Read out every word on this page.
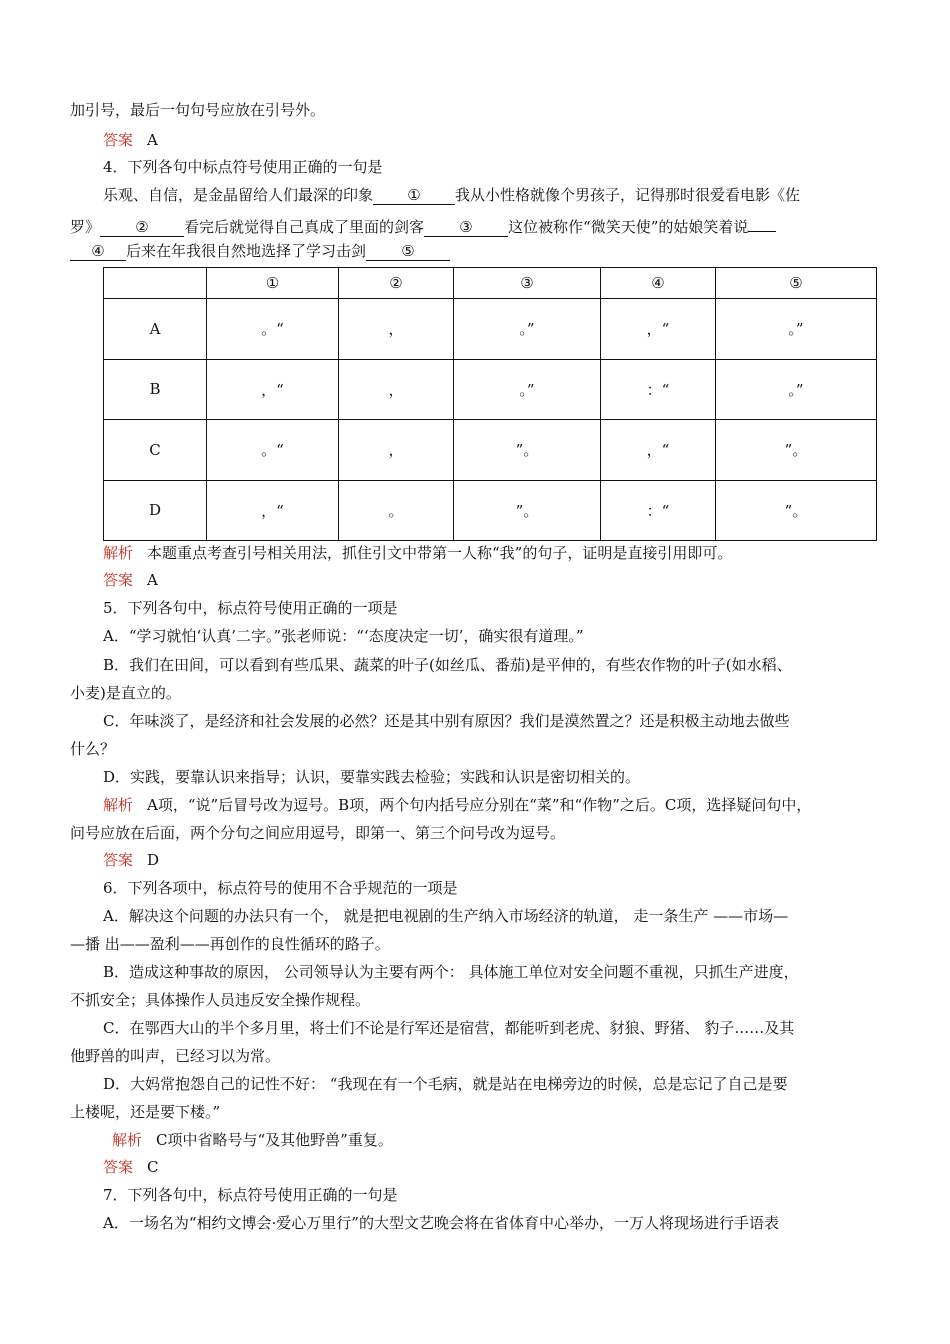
加引号，最后一句句号应放在引号外。
答案 A
4．下列各句中标点符号使用正确的一句是
乐观、自信，是金晶留给人们最深的印象 ① 我从小性格就像个男孩子，记得那时很爱看电影《佐
罗》 ② 看完后就觉得自己真成了里面的剑客 ③ 这位被称作“微笑天使”的姑娘笑着说
④ 后来在年我很自然地选择了学习击剑 ⑤
	①	②	③	④	⑤
A	。“	，	。”	，“	。”
B	，“	，	。”	：“	。”
C	。“	，	”。	，“	”。
D	，“	。	”。	：“	”。
解析 本题重点考查引号相关用法，抓住引文中带第一人称“我”的句子，证明是直接引用即可。
答案 A
5．下列各句中，标点符号使用正确的一项是
A．“学习就怕‘认真’二字。”张老师说：“‘态度决定一切’，确实很有道理。”
B．我们在田间，可以看到有些瓜果、蔬菜的叶子(如丝瓜、番茄)是平伸的，有些农作物的叶子(如水稻、
小麦)是直立的。
C．年味淡了，是经济和社会发展的必然？还是其中别有原因？我们是漠然置之？还是积极主动地去做些
什么？
D．实践，要靠认识来指导；认识，要靠实践去检验；实践和认识是密切相关的。
解析 A项，“说”后冒号改为逗号。B项，两个句内括号应分别在“菜”和“作物”之后。C项，选择疑问句中，
问号应放在后面，两个分句之间应用逗号，即第一、第三个问号改为逗号。
答案 D
6．下列各项中，标点符号的使用不合乎规范的一项是
A．解决这个问题的办法只有一个， 就是把电视剧的生产纳入市场经济的轨道， 走一条生产 ——市场—
—播 出——盈利——再创作的良性循环的路子。
B．造成这种事故的原因， 公司领导认为主要有两个： 具体施工单位对安全问题不重视，只抓生产进度，
不抓安全；具体操作人员违反安全操作规程。
C．在鄂西大山的半个多月里，将士们不论是行军还是宿营，都能听到老虎、豺狼、野猪、 豹子……及其
他野兽的叫声，已经习以为常。
D．大妈常抱怨自己的记性不好： “我现在有一个毛病，就是站在电梯旁边的时候，总是忘记了自己是要
上楼呢，还是要下楼。”
解析 C项中省略号与“及其他野兽”重复。
答案 C
7．下列各句中，标点符号使用正确的一句是
A．一场名为“相约文博会·爱心万里行”的大型文艺晚会将在省体育中心举办，一万人将现场进行手语表
